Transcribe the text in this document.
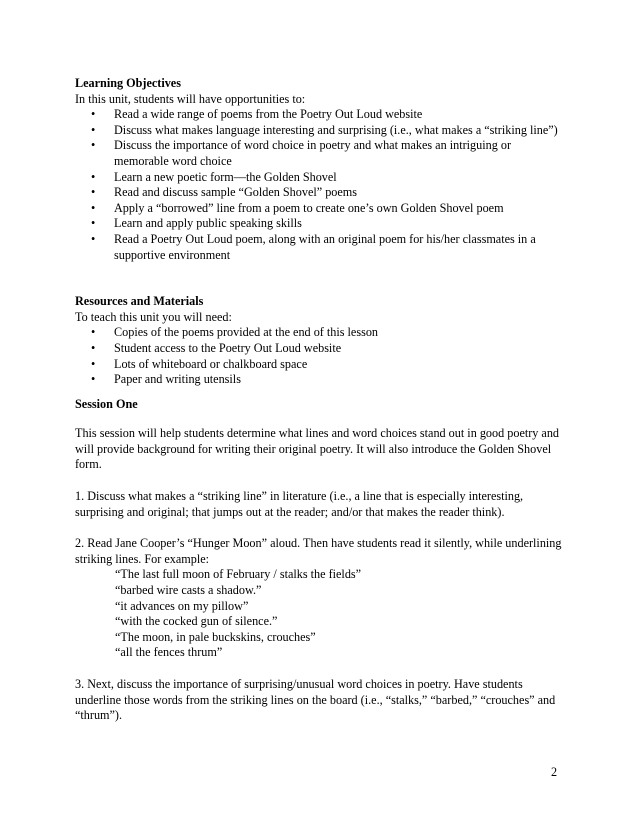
Learning Objectives

In this unit, students will have opportunities to:

• Read a wide range of poems from the Poetry Out Loud website
• Discuss what makes language interesting and surprising (i.e., what makes a “striking line”)
• Discuss the importance of word choice in poetry and what makes an intriguing or memorable word choice
• Learn a new poetic form—the Golden Shovel
• Read and discuss sample “Golden Shovel” poems
• Apply a “borrowed” line from a poem to create one’s own Golden Shovel poem
• Learn and apply public speaking skills
• Read a Poetry Out Loud poem, along with an original poem for his/her classmates in a supportive environment

Resources and Materials

To teach this unit you will need:

• Copies of the poems provided at the end of this lesson
• Student access to the Poetry Out Loud website
• Lots of whiteboard or chalkboard space
• Paper and writing utensils

Session One

This session will help students determine what lines and word choices stand out in good poetry and will provide background for writing their original poetry. It will also introduce the Golden Shovel form.

1. Discuss what makes a “striking line” in literature (i.e., a line that is especially interesting, surprising and original; that jumps out at the reader; and/or that makes the reader think).

2. Read Jane Cooper’s “Hunger Moon” aloud. Then have students read it silently, while underlining striking lines. For example:

“The last full moon of February / stalks the fields”
“barbed wire casts a shadow.”
“it advances on my pillow”
“with the cocked gun of silence.”
“The moon, in pale buckskins, crouches”
“all the fences thrum”

3. Next, discuss the importance of surprising/unusual word choices in poetry. Have students underline those words from the striking lines on the board (i.e., “stalks,” “barbed,” “crouches” and “thrum”).

2
